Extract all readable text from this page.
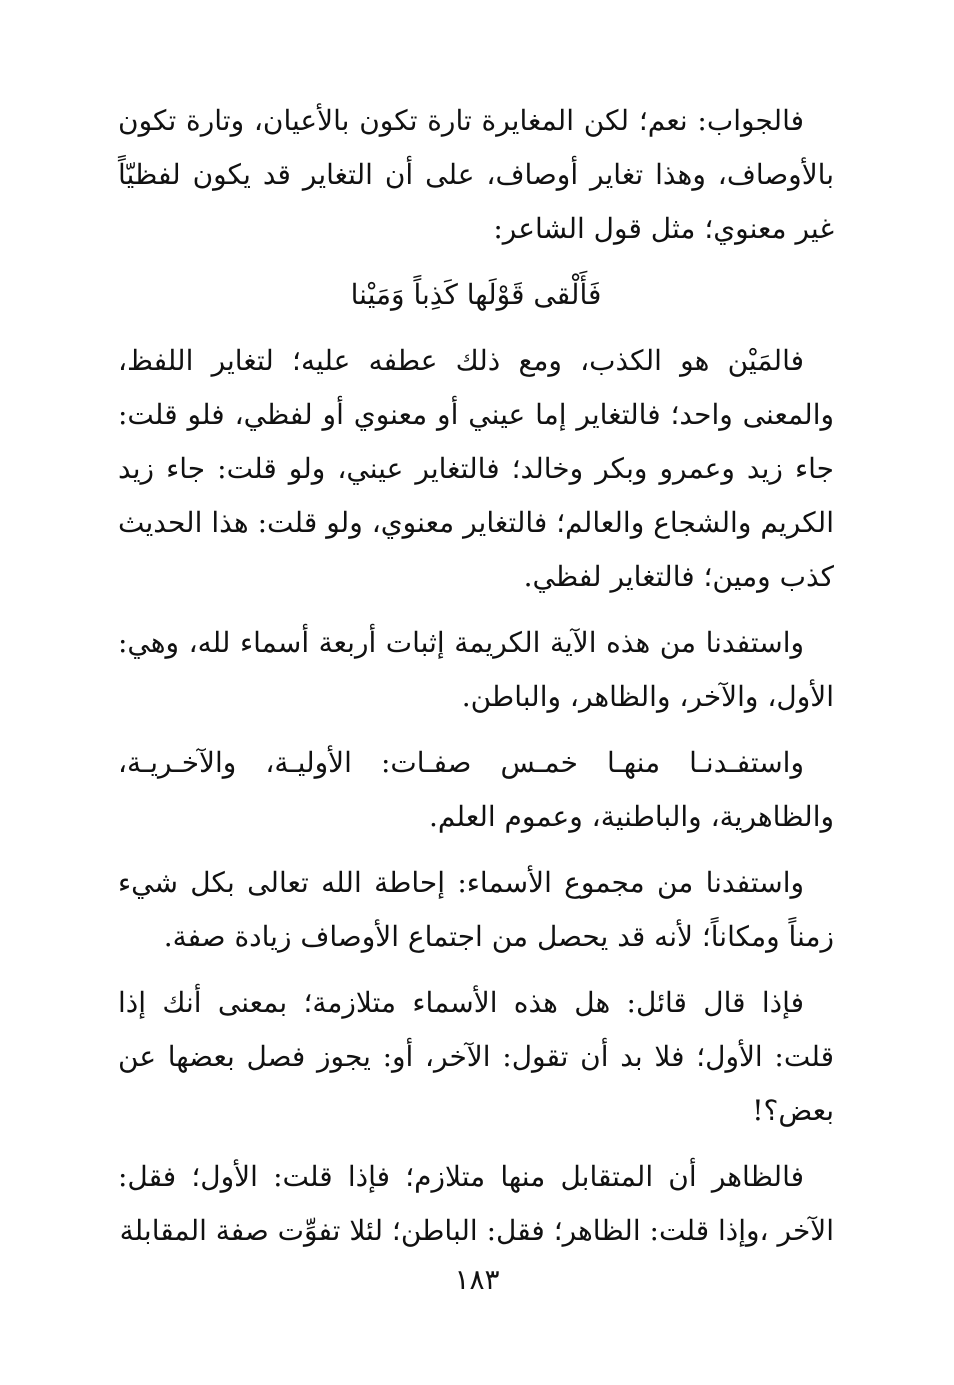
فالجواب: نعم؛ لكن المغايرة تارة تكون بالأعيان، وتارة تكون بالأوصاف، وهذا تغاير أوصاف، على أن التغاير قد يكون لفظيّاً غير معنوي؛ مثل قول الشاعر:

فَأَلْقى قَوْلَها كَذِباً وَمَيْنا

فالمَيْن هو الكذب، ومع ذلك عطفه عليه؛ لتغاير اللفظ، والمعنى واحد؛ فالتغاير إما عيني أو معنوي أو لفظي، فلو قلت: جاء زيد وعمرو وبكر وخالد؛ فالتغاير عيني، ولو قلت: جاء زيد الكريم والشجاع والعالم؛ فالتغاير معنوي، ولو قلت: هذا الحديث كذب ومين؛ فالتغاير لفظي.

واستفدنا من هذه الآية الكريمة إثبات أربعة أسماء لله، وهي: الأول، والآخر، والظاهر، والباطن.

واستفـدنـا منهـا خمـس صفـات: الأوليـة، والآخـريـة، والظاهرية، والباطنية، وعموم العلم.

واستفدنا من مجموع الأسماء: إحاطة الله تعالى بكل شيء زمناً ومكاناً؛ لأنه قد يحصل من اجتماع الأوصاف زيادة صفة.

فإذا قال قائل: هل هذه الأسماء متلازمة؛ بمعنى أنك إذا قلت: الأول؛ فلا بد أن تقول: الآخر، أو: يجوز فصل بعضها عن بعض؟!

فالظاهر أن المتقابل منها متلازم؛ فإذا قلت: الأول؛ فقل: الآخر ،وإذا قلت: الظاهر؛ فقل: الباطن؛ لئلا تفوِّت صفة المقابلة

١٨٣
